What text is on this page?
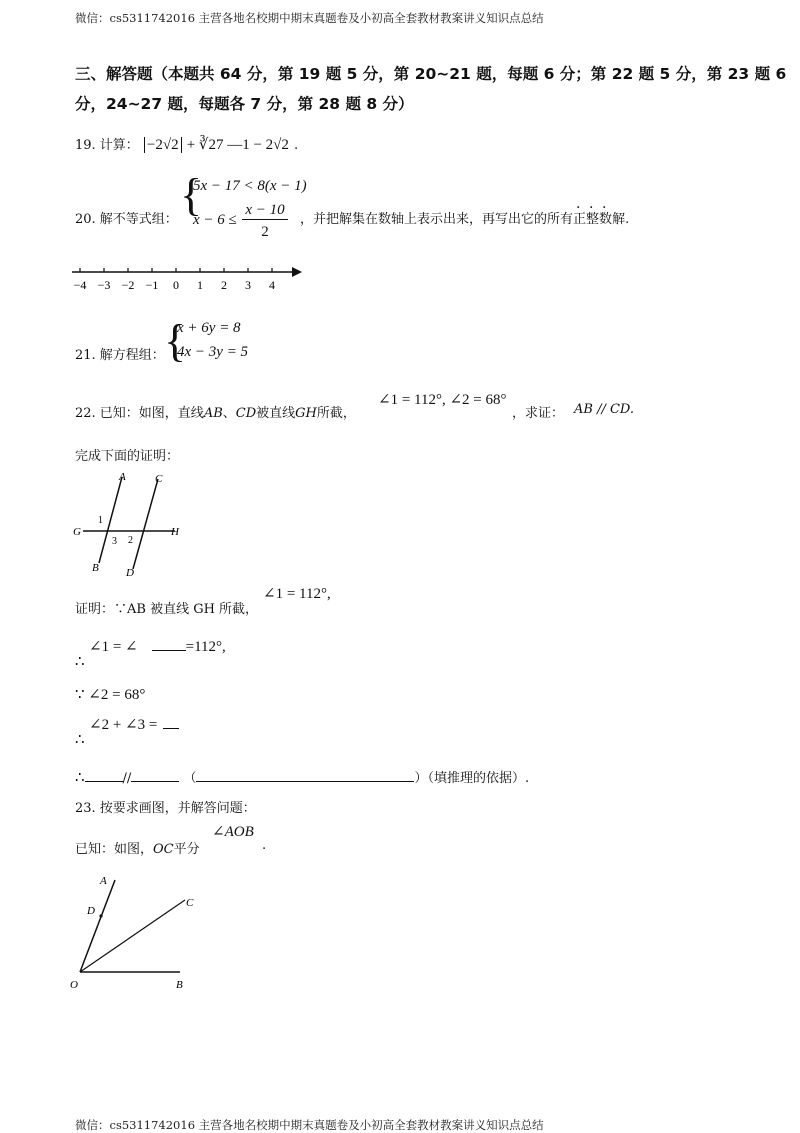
微信：cs5311742016 主营各地名校期中期末真题卷及小初高全套教材教案讲义知识点总结
三、解答题（本题共 64 分，第 19 题 5 分，第 20~21 题，每题 6 分；第 22 题 5 分，第 23 题 6
分，24~27 题，每题各 7 分，第 28 题 8 分）
19. 计算： −2√2 + ∛27 —1 − 2√2 .
20. 解不等式组： {
5x − 17 < 8(x − 1)
x − 6 ≤
x − 10
2
，并把解集在数轴上表示出来，再写出它的所有正整数解.
−4 −3 −2 −1 0 1 2 3 4
21. 解方程组： {
x + 6y = 8
4x − 3y = 5
22. 已知：如图，直线AB、CD被直线GH所截，
∠1 = 112°, ∠2 = 68°
，求证： AB // CD.
完成下面的证明：
A
B
C
D
G	H
1
3 2
证明：∵AB 被直线 GH 所截，
∠1 = 112°,
∴
∠1 = ∠	=112°,
∵ ∠2 = 68°
∴
∠2 + ∠3 =
∴	//	（	）（填推理的依据）.
23. 按要求画图，并解答问题：
已知：如图，OC平分
∠AOB
.
A
D
C
O	B
微信：cs5311742016 主营各地名校期中期末真题卷及小初高全套教材教案讲义知识点总结
